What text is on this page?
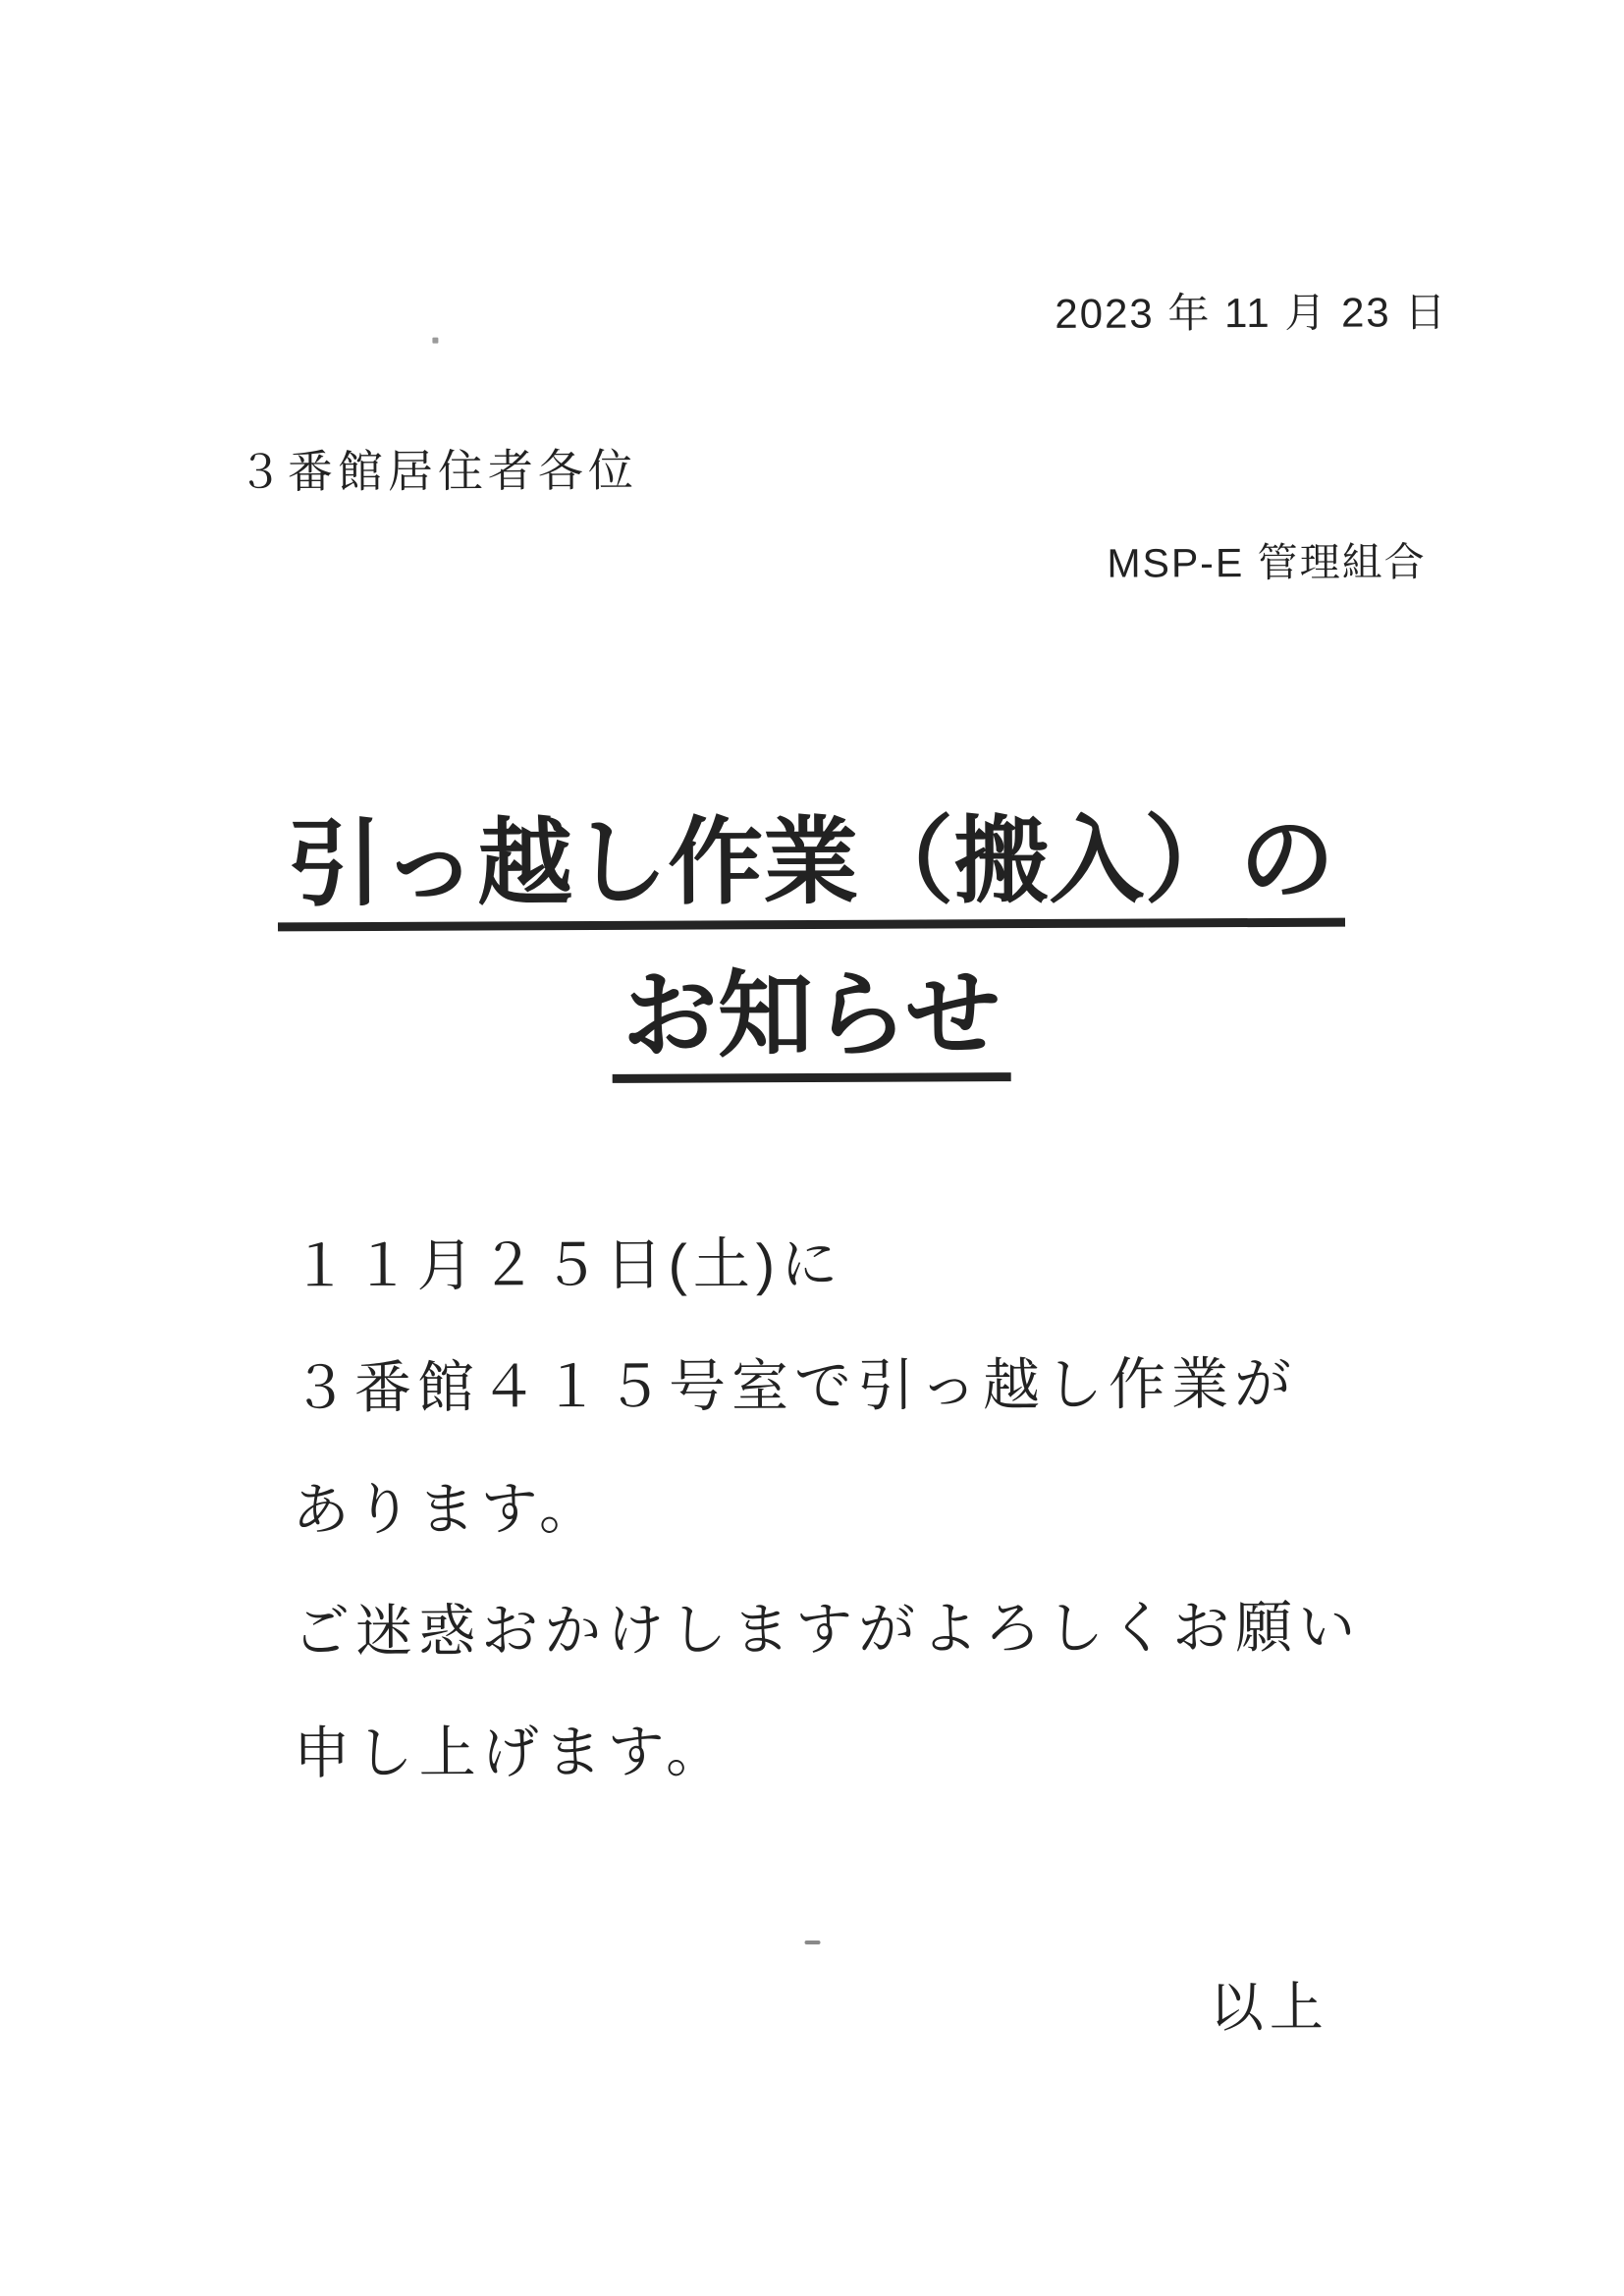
2023 年 11 月 23 日
３番館居住者各位
MSP-E 管理組合
引っ越し作業（搬入）の
お知らせ
１１月２５日(土)に
３番館４１５号室で引っ越し作業が
あります。
ご迷惑おかけしますがよろしくお願い
申し上げます。
以上
